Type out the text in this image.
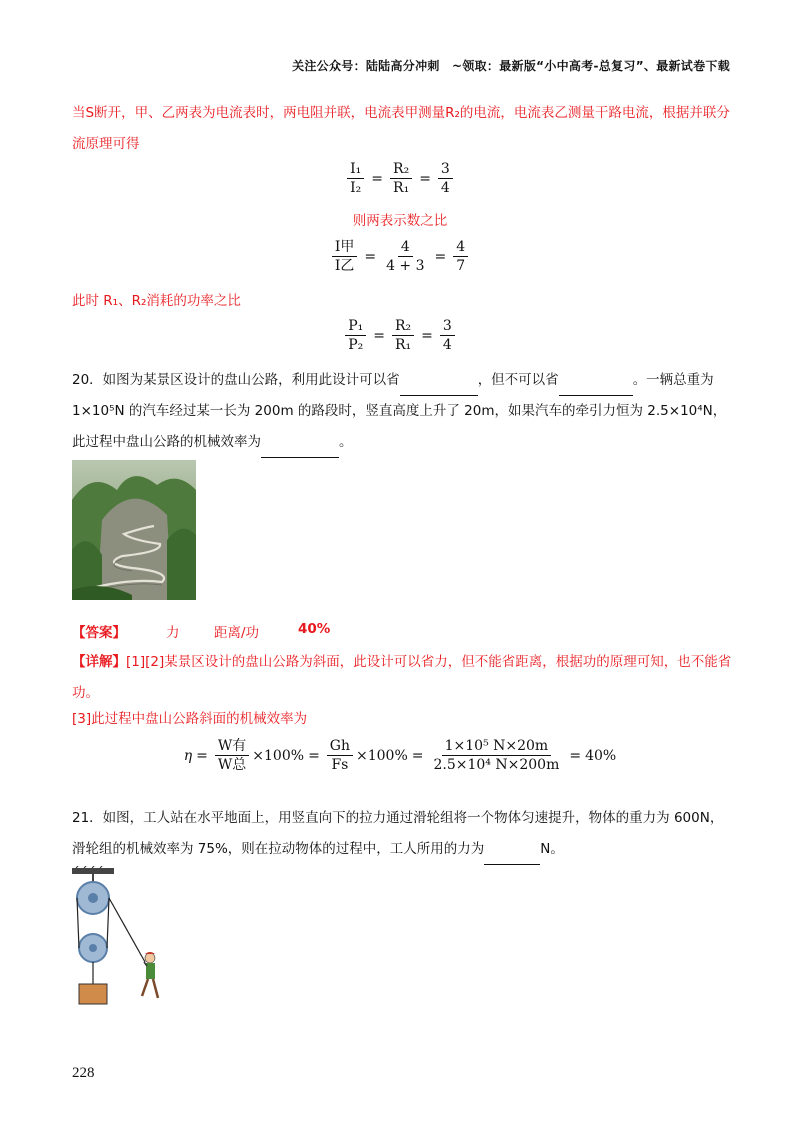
关注公众号：陆陆高分冲刺　~领取：最新版“小中高考-总复习”、最新试卷下载
当S断开，甲、乙两表为电流表时，两电阻并联，电流表甲测量R₂的电流，电流表乙测量干路电流，根据并联分流原理可得
$\frac{\text{I₁}}{\text{I₂}} = \frac{\text{R₂}}{\text{R₁}} = \frac{3}{4}$
则两表示数之比
$\frac{\text{I甲}}{\text{I乙}} = \frac{4}{4 + 3} = \frac{4}{7}$
此时 R₁、R₂消耗的功率之比
$\frac{\text{P₁}}{\text{P₂}} = \frac{\text{R₂}}{\text{R₁}} = \frac{3}{4}$
20．如图为某景区设计的盘山公路，利用此设计可以省	，但不可以省	。一辆总重为 1×10⁵N 的汽车经过某一长为 200m 的路段时，竖直高度上升了 20m，如果汽车的牵引力恒为 2.5×10⁴N，此过程中盘山公路的机械效率为	。
【答案】	力	距离/功	40%
【详解】[1][2]某景区设计的盘山公路为斜面，此设计可以省力，但不能省距离，根据功的原理可知，也不能省功。
[3]此过程中盘山公路斜面的机械效率为
$\eta = \frac{\text{W有}}{\text{W总}} \times 100\% = \frac{Gh}{Fs} \times 100\% = \frac{\text{1×10⁵ N×20m}}{\text{2.5×10⁴ N×200m}} = 40\%$
21．如图，工人站在水平地面上，用竖直向下的拉力通过滑轮组将一个物体匀速提升，物体的重力为 600N，滑轮组的机械效率为 75%，则在拉动物体的过程中，工人所用的力为	N。
228
